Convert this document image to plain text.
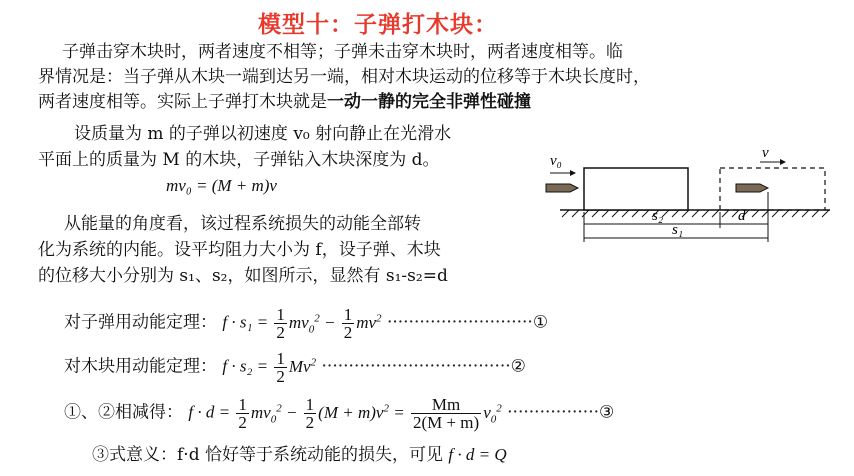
模型十：子弹打木块：
子弹击穿木块时，两者速度不相等；子弹未击穿木块时，两者速度相等。临
界情况是：当子弹从木块一端到达另一端，相对木块运动的位移等于木块长度时，
两者速度相等。实际上子弹打木块就是一动一静的完全非弹性碰撞
设质量为 m 的子弹以初速度 v₀ 射向静止在光滑水
平面上的质量为 M 的木块，子弹钻入木块深度为 d。
mv₀ = (M + m)v
从能量的角度看，该过程系统损失的动能全部转
化为系统的内能。设平均阻力大小为 f，设子弹、木块
的位移大小分别为 s₁、s₂，如图所示，显然有 s₁-s₂=d
v₀	v
s₂	d
s₁
对子弹用动能定理： $f \cdot s_1 = \frac{1}{2} mv_0^2 - \frac{1}{2} mv^2$ ···························①
对木块用动能定理： $f \cdot s_2 = \frac{1}{2} Mv^2$ ···································②
①、②相减得： $f \cdot d = \frac{1}{2} mv_0^2 - \frac{1}{2} (M + m)v^2 = \frac{Mm}{2(M + m)} v_0^2$ ·················③
③式意义：f·d 恰好等于系统动能的损失，可见 f · d = Q
